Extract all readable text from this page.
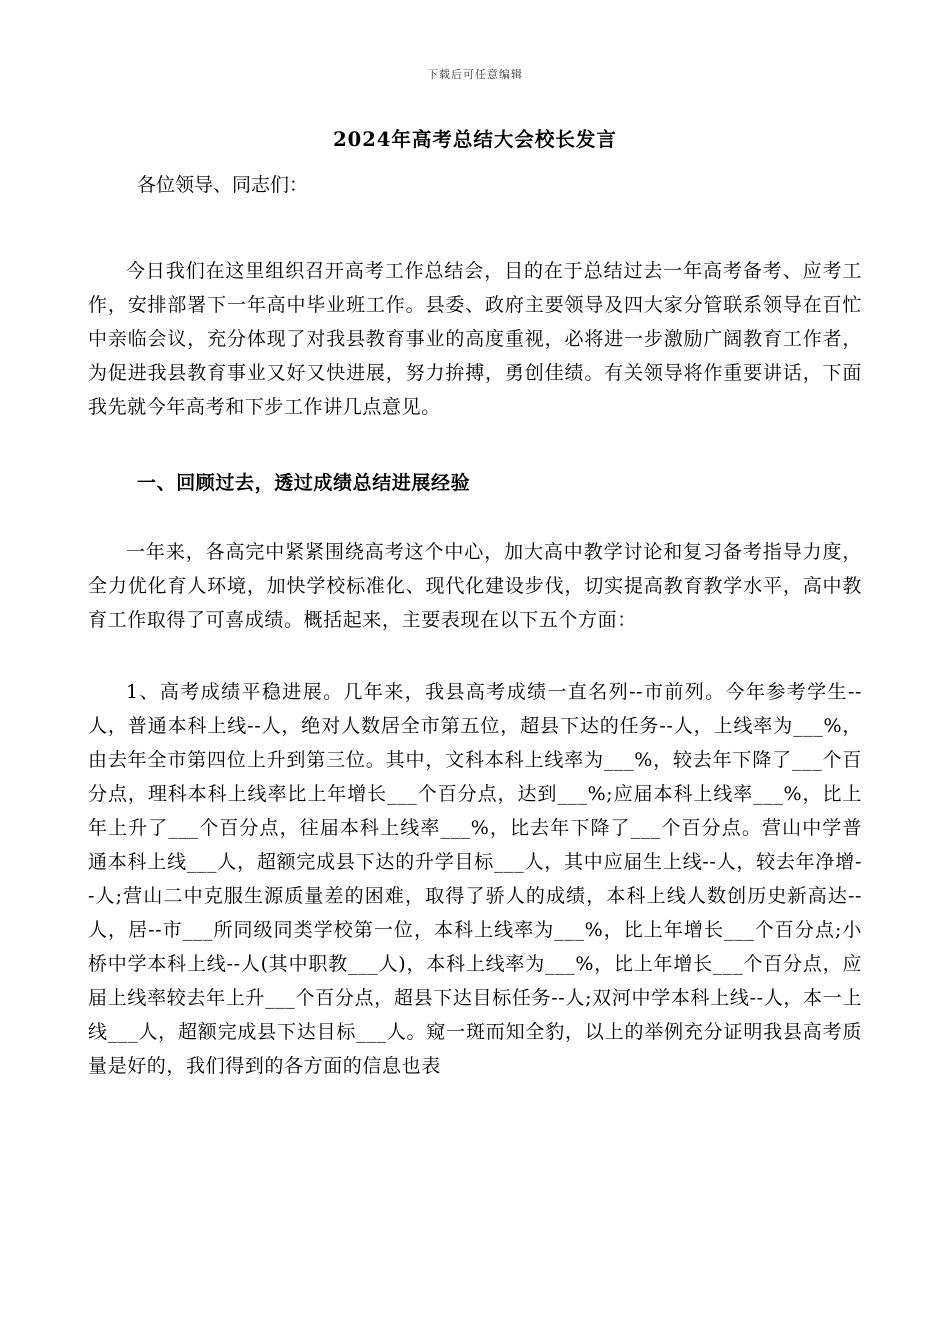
下载后可任意编辑
2024年高考总结大会校长发言

各位领导、同志们：

今日我们在这里组织召开高考工作总结会，目的在于总结过去一年高考备考、应考工作，安排部署下一年高中毕业班工作。县委、政府主要领导及四大家分管联系领导在百忙中亲临会议，充分体现了对我县教育事业的高度重视，必将进一步激励广阔教育工作者，为促进我县教育事业又好又快进展，努力拚搏，勇创佳绩。有关领导将作重要讲话，下面我先就今年高考和下步工作讲几点意见。

一、回顾过去，透过成绩总结进展经验

一年来，各高完中紧紧围绕高考这个中心，加大高中教学讨论和复习备考指导力度，全力优化育人环境，加快学校标准化、现代化建设步伐，切实提高教育教学水平，高中教育工作取得了可喜成绩。概括起来，主要表现在以下五个方面：

1、高考成绩平稳进展。几年来，我县高考成绩一直名列--市前列。今年参考学生--人，普通本科上线--人，绝对人数居全市第五位，超县下达的任务--人，上线率为___%，由去年全市第四位上升到第三位。其中，文科本科上线率为___%，较去年下降了___个百分点，理科本科上线率比上年增长___个百分点，达到___%;应届本科上线率___%，比上年上升了___个百分点，往届本科上线率___%，比去年下降了___个百分点。营山中学普通本科上线___人，超额完成县下达的升学目标___人，其中应届生上线--人，较去年净增--人;营山二中克服生源质量差的困难，取得了骄人的成绩，本科上线人数创历史新高达--人，居--市___所同级同类学校第一位，本科上线率为___%，比上年增长___个百分点;小桥中学本科上线--人(其中职教___人)，本科上线率为___%，比上年增长___个百分点，应届上线率较去年上升___个百分点，超县下达目标任务--人;双河中学本科上线--人，本一上线___人，超额完成县下达目标___人。窥一斑而知全豹，以上的举例充分证明我县高考质量是好的，我们得到的各方面的信息也表
